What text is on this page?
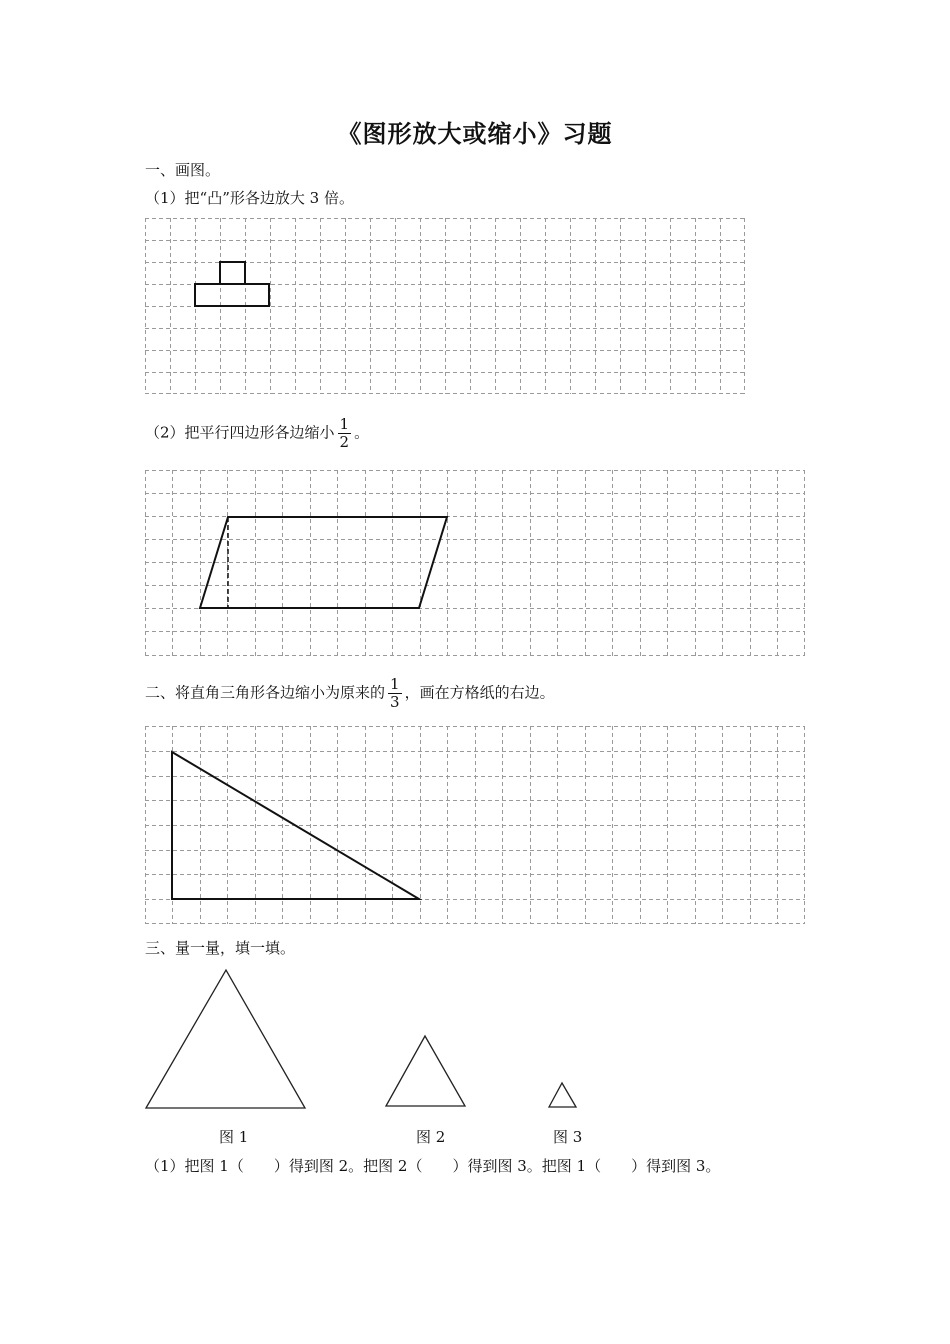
《图形放大或缩小》习题
一、画图。
（1）把“凸”形各边放大 3 倍。
（2）把平行四边形各边缩小 $\frac{1}{2}$ 。
二、将直角三角形各边缩小为原来的 $\frac{1}{3}$ ，画在方格纸的右边。
三、量一量，填一填。
图 1	图 2	图 3
（1）把图 1（　　）得到图 2。把图 2（　　）得到图 3。把图 1（　　）得到图 3。
